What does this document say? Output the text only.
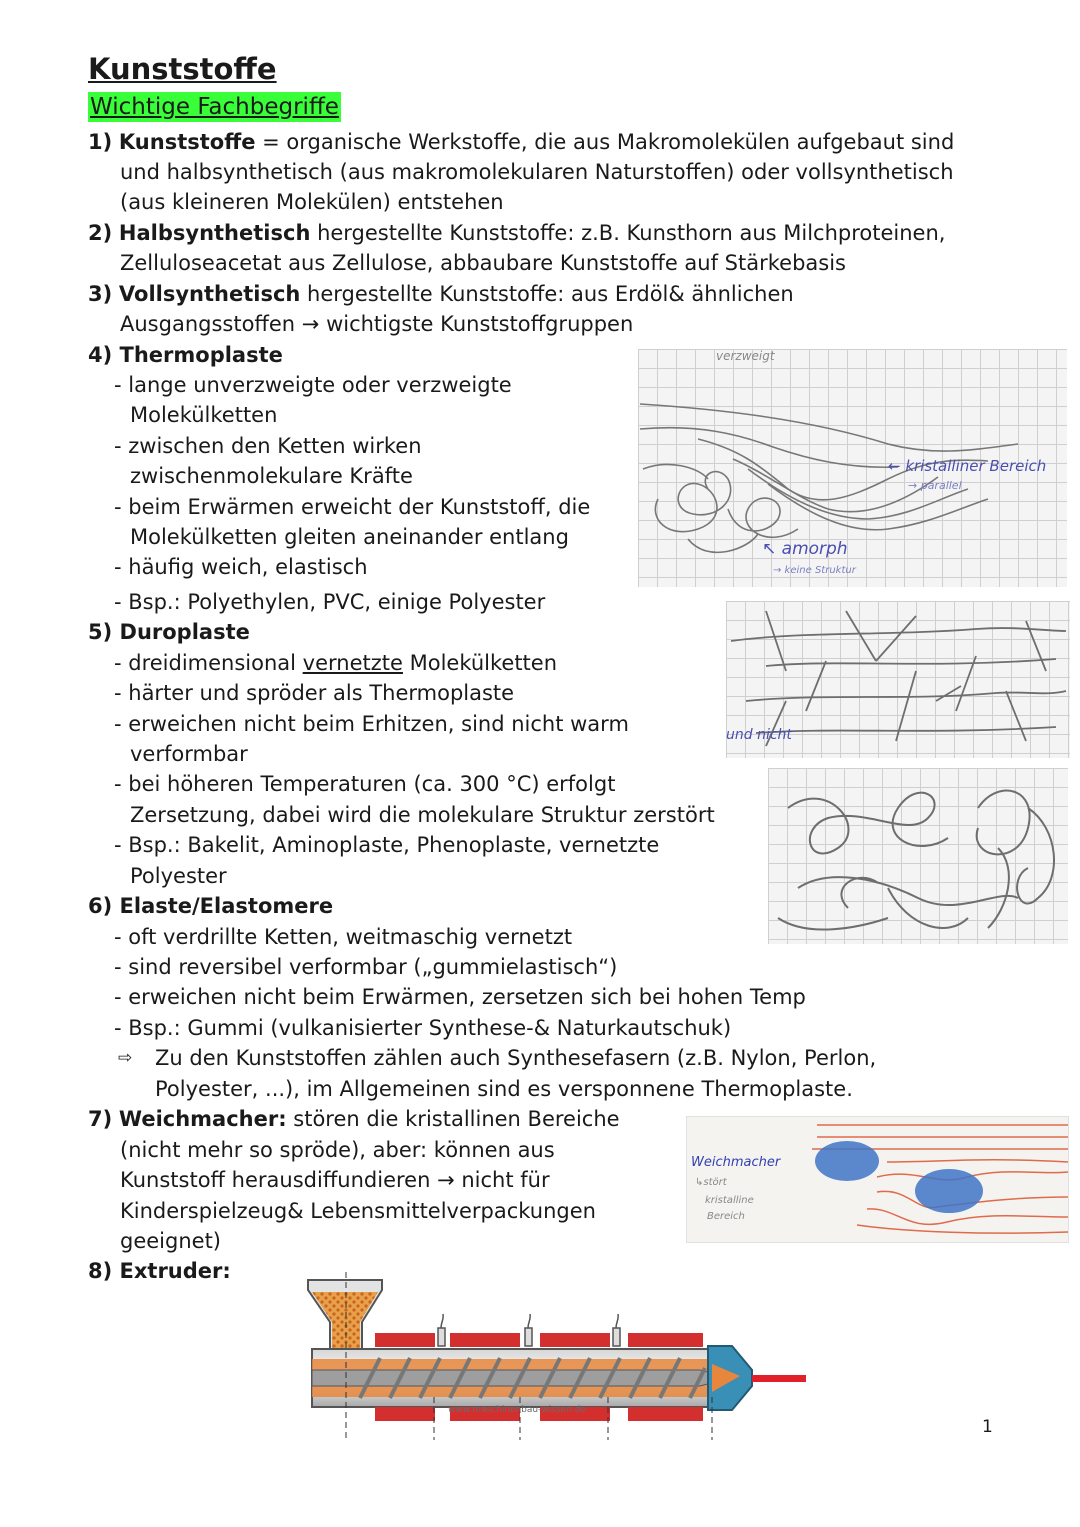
Kunststoffe
Wichtige Fachbegriffe
1) Kunststoffe = organische Werkstoffe, die aus Makromolekülen aufgebaut sind
und halbsynthetisch (aus makromolekularen Naturstoffen) oder vollsynthetisch
(aus kleineren Molekülen) entstehen
2) Halbsynthetisch hergestellte Kunststoffe: z.B. Kunsthorn aus Milchproteinen,
Zelluloseacetat aus Zellulose, abbaubare Kunststoffe auf Stärkebasis
3) Vollsynthetisch hergestellte Kunststoffe: aus Erdöl& ähnlichen
Ausgangsstoffen → wichtigste Kunststoffgruppen
4) Thermoplaste
- lange unverzweigte oder verzweigte
Molekülketten
- zwischen den Ketten wirken
zwischenmolekulare Kräfte
- beim Erwärmen erweicht der Kunststoff, die
Molekülketten gleiten aneinander entlang
- häufig weich, elastisch
- Bsp.: Polyethylen, PVC, einige Polyester
5) Duroplaste
- dreidimensional vernetzte Molekülketten
- härter und spröder als Thermoplaste
- erweichen nicht beim Erhitzen, sind nicht warm
verformbar
- bei höheren Temperaturen (ca. 300 °C) erfolgt
Zersetzung, dabei wird die molekulare Struktur zerstört
- Bsp.: Bakelit, Aminoplaste, Phenoplaste, vernetzte
Polyester
6) Elaste/Elastomere
- oft verdrillte Ketten, weitmaschig vernetzt
- sind reversibel verformbar („gummielastisch“)
- erweichen nicht beim Erwärmen, zersetzen sich bei hohen Temp
- Bsp.: Gummi (vulkanisierter Synthese-& Naturkautschuk)
⇨ Zu den Kunststoffen zählen auch Synthesefasern (z.B. Nylon, Perlon,
Polyester, ...), im Allgemeinen sind es versponnene Thermoplaste.
7) Weichmacher: stören die kristallinen Bereiche
(nicht mehr so spröde), aber: können aus
Kunststoff herausdiffundieren → nicht für
Kinderspielzeug& Lebensmittelverpackungen
geeignet)
8) Extruder:
verzweigt
← kristalliner Bereich
→ parallel
↖ amorph
→ keine Struktur
und nicht
Weichmacher
↳stört
kristalline
Bereich
www.maschinenbau-wissen.de
1
